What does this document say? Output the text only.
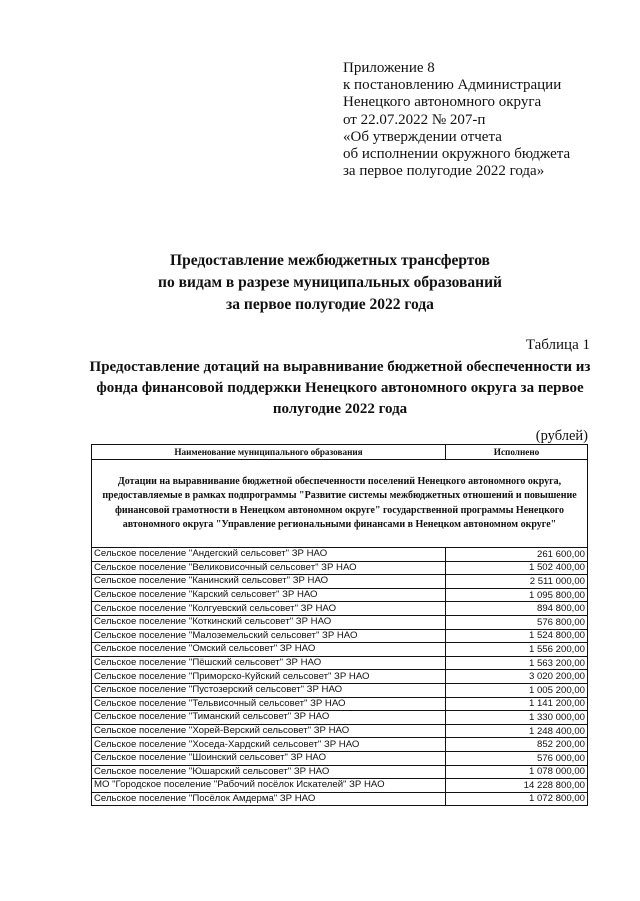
Приложение 8
к постановлению Администрации
Ненецкого автономного округа
от 22.07.2022 № 207-п
«Об утверждении отчета
об исполнении окружного бюджета
за первое полугодие 2022 года»
Предоставление межбюджетных трансфертов
по видам в разрезе муниципальных образований
за первое полугодие 2022 года
Таблица 1
Предоставление дотаций на выравнивание бюджетной обеспеченности из
фонда финансовой поддержки Ненецкого автономного округа за первое
полугодие 2022 года
(рублей)
Наименование муниципального образования	Исполнено
Дотации на выравнивание бюджетной обеспеченности поселений Ненецкого автономного округа, предоставляемые в рамках подпрограммы "Развитие системы межбюджетных отношений и повышение финансовой грамотности в Ненецком автономном округе" государственной программы Ненецкого автономного округа "Управление региональными финансами в Ненецком автономном округе"	
Сельское поселение "Андегский сельсовет" ЗР НАО	261 600,00
Сельское поселение "Великовисочный сельсовет" ЗР НАО	1 502 400,00
Сельское поселение "Канинский сельсовет" ЗР НАО	2 511 000,00
Сельское поселение "Карский сельсовет" ЗР НАО	1 095 800,00
Сельское поселение "Колгуевский сельсовет" ЗР НАО	894 800,00
Сельское поселение "Коткинский сельсовет" ЗР НАО	576 800,00
Сельское поселение "Малоземельский сельсовет" ЗР НАО	1 524 800,00
Сельское поселение "Омский сельсовет" ЗР НАО	1 556 200,00
Сельское поселение "Пёшский сельсовет" ЗР НАО	1 563 200,00
Сельское поселение "Приморско-Куйский сельсовет" ЗР НАО	3 020 200,00
Сельское поселение "Пустозерский сельсовет" ЗР НАО	1 005 200,00
Сельское поселение "Тельвисочный сельсовет" ЗР НАО	1 141 200,00
Сельское поселение "Тиманский сельсовет" ЗР НАО	1 330 000,00
Сельское поселение "Хорей-Верский сельсовет" ЗР НАО	1 248 400,00
Сельское поселение "Хоседа-Хардский сельсовет" ЗР НАО	852 200,00
Сельское поселение "Шоинский сельсовет" ЗР НАО	576 000,00
Сельское поселение "Юшарский сельсовет" ЗР НАО	1 078 000,00
МО "Городское поселение "Рабочий посёлок Искателей" ЗР НАО	14 228 800,00
Сельское поселение "Посёлок Амдерма" ЗР НАО	1 072 800,00
